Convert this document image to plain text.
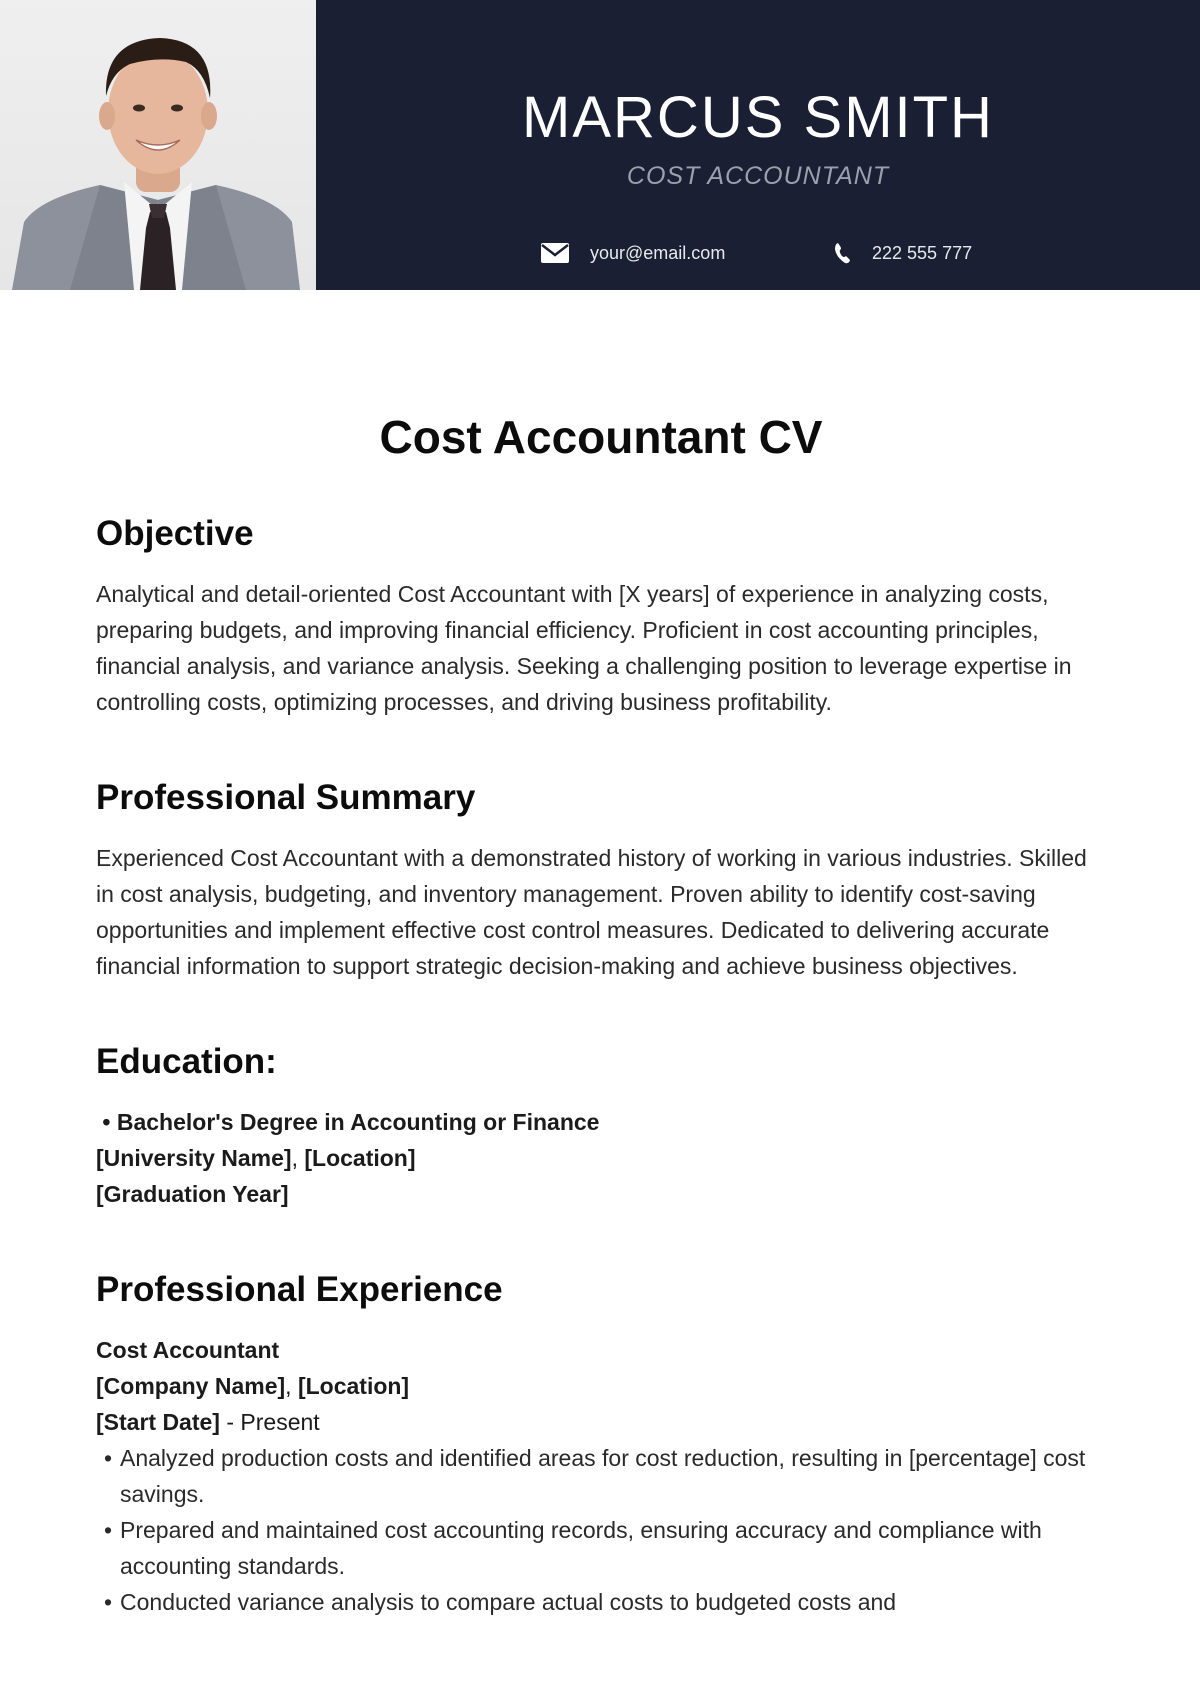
MARCUS SMITH
COST ACCOUNTANT
your@email.com	222 555 777
Cost Accountant CV
Objective

Analytical and detail-oriented Cost Accountant with [X years] of experience in analyzing costs, preparing budgets, and improving financial efficiency. Proficient in cost accounting principles, financial analysis, and variance analysis. Seeking a challenging position to leverage expertise in controlling costs, optimizing processes, and driving business profitability.

Professional Summary

Experienced Cost Accountant with a demonstrated history of working in various industries. Skilled in cost analysis, budgeting, and inventory management. Proven ability to identify cost-saving opportunities and implement effective cost control measures. Dedicated to delivering accurate financial information to support strategic decision-making and achieve business objectives.

Education:
• Bachelor's Degree in Accounting or Finance
[University Name], [Location]
[Graduation Year]
Professional Experience
Cost Accountant
[Company Name], [Location]
[Start Date] - Present
• Analyzed production costs and identified areas for cost reduction, resulting in [percentage] cost savings.
• Prepared and maintained cost accounting records, ensuring accuracy and compliance with accounting standards.
• Conducted variance analysis to compare actual costs to budgeted costs and
